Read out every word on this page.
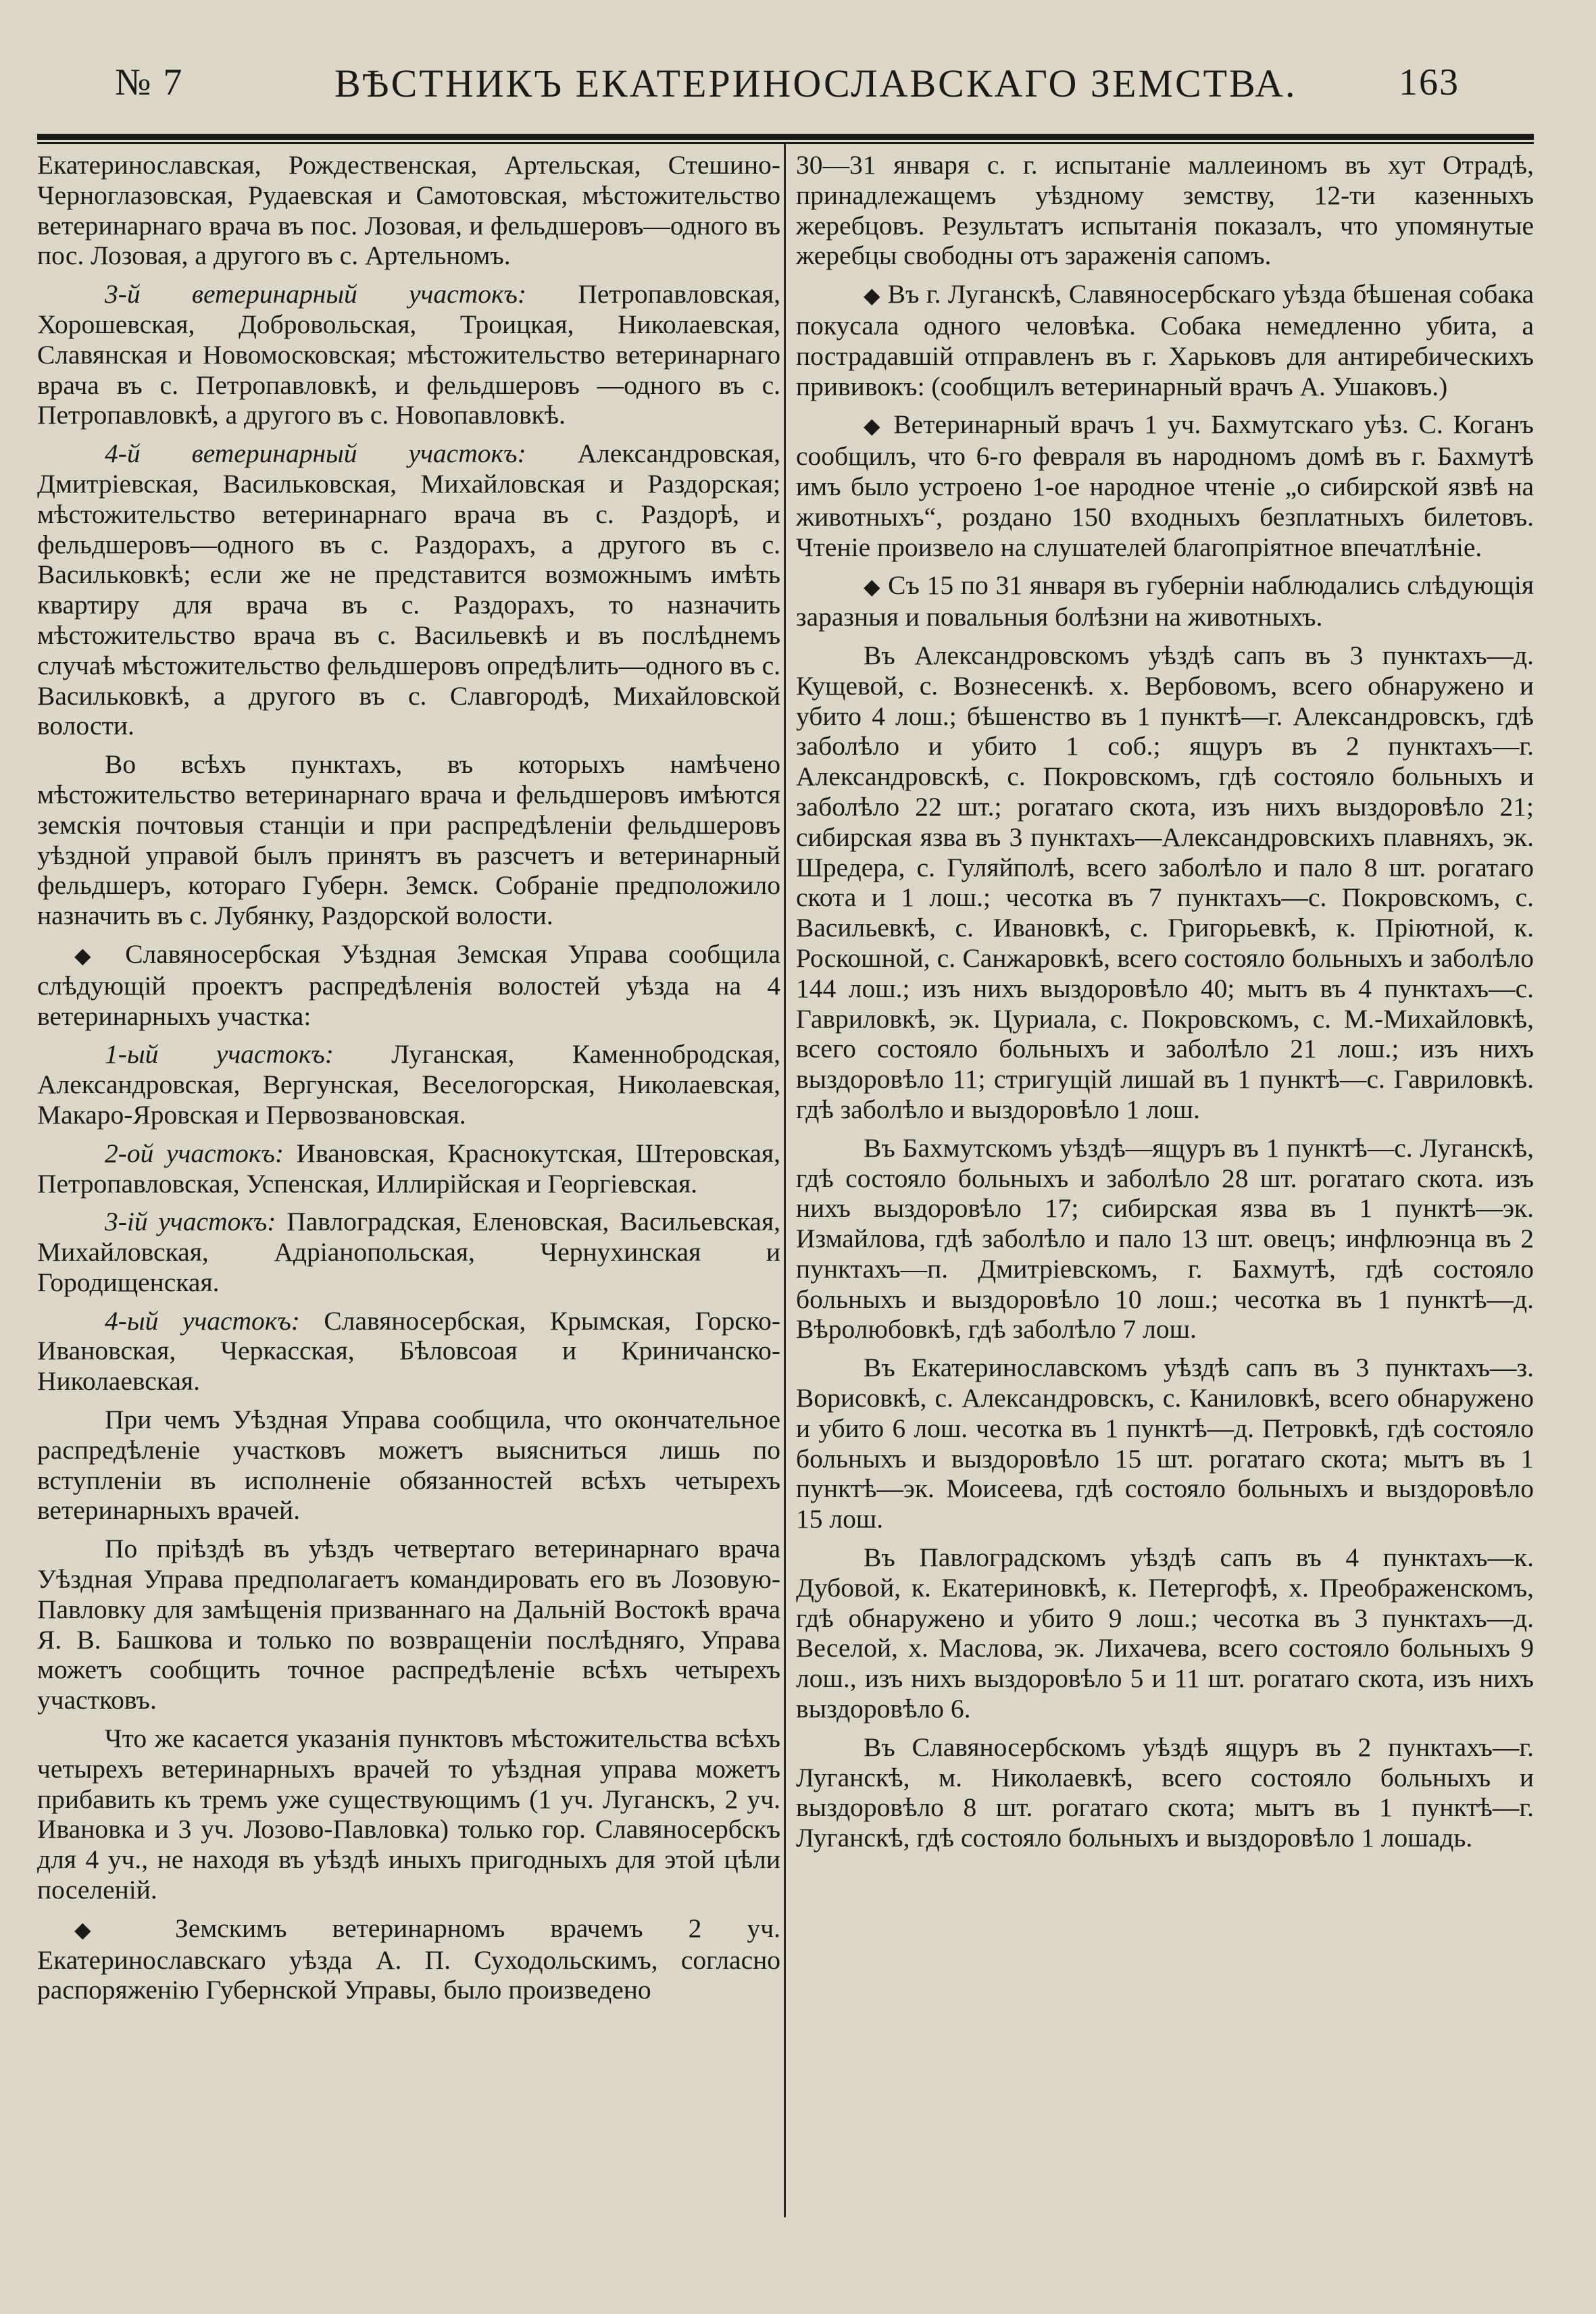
№ 7	ВѢСТНИКЪ ЕКАТЕРИНОСЛАВСКАГО ЗЕМСТВА.	163

Екатеринославская, Рождественская, Артельская, Стешино-Черноглазовская, Рудаевская и Самотовская, мѣстожительство ветеринарнаго врача въ пос. Лозовая, и фельдшеровъ—одного въ пос. Лозовая, а другого въ с. Артельномъ.

3-й ветеринарный участокъ: Петропавловская, Хорошевская, Добровольская, Троицкая, Николаевская, Славянская и Новомосковская; мѣстожительство ветеринарнаго врача въ с. Петропавловкѣ, и фельдшеровъ —одного въ с. Петропавловкѣ, а другого въ с. Новопавловкѣ.

4-й ветеринарный участокъ: Александровская, Дмитріевская, Васильковская, Михайловская и Раздорская; мѣстожительство ветеринарнаго врача въ с. Раздорѣ, и фельдшеровъ—одного въ с. Раздорахъ, а другого въ с. Васильковкѣ; если же не представится возможнымъ имѣть квартиру для врача въ с. Раздорахъ, то назначить мѣстожительство врача въ с. Васильевкѣ и въ послѣднемъ случаѣ мѣстожительство фельдшеровъ опредѣлить—одного въ с. Васильковкѣ, а другого въ с. Славгородѣ, Михайловской волости.

Во всѣхъ пунктахъ, въ которыхъ намѣчено мѣстожительство ветеринарнаго врача и фельдшеровъ имѣются земскія почтовыя станціи и при распредѣленіи фельдшеровъ уѣздной управой былъ принятъ въ разсчетъ и ветеринарный фельдшеръ, котораго Губерн. Земск. Собраніе предположило назначить въ с. Лубянку, Раздорской волости.

◆ Славяносербская Уѣздная Земская Управа сообщила слѣдующій проектъ распредѣленія волостей уѣзда на 4 ветеринарныхъ участка:

1-ый участокъ: Луганская, Каменнобродская, Александровская, Вергунская, Веселогорская, Николаевская, Макаро-Яровская и Первозвановская.

2-ой участокъ: Ивановская, Краснокутская, Штеровская, Петропавловская, Успенская, Иллирійская и Георгіевская.

3-ій участокъ: Павлоградская, Еленовская, Васильевская, Михайловская, Адріанопольская, Чернухинская и Городищенская.

4-ый участокъ: Славяносербская, Крымская, Горско-Ивановская, Черкасская, Бѣловсоая и Криничанско-Николаевская.

При чемъ Уѣздная Управа сообщила, что окончательное распредѣленіе участковъ можетъ выясниться лишь по вступленіи въ исполненіе обязанностей всѣхъ четырехъ ветеринарныхъ врачей.

По пріѣздѣ въ уѣздъ четвертаго ветеринарнаго врача Уѣздная Управа предполагаетъ командировать его въ Лозовую-Павловку для замѣщенія призваннаго на Дальній Востокѣ врача Я. В. Башкова и только по возвращеніи послѣдняго, Управа можетъ сообщить точное распредѣленіе всѣхъ четырехъ участковъ.

Что же касается указанія пунктовъ мѣстожительства всѣхъ четырехъ ветеринарныхъ врачей то уѣздная управа можетъ прибавить къ тремъ уже существующимъ (1 уч. Луганскъ, 2 уч. Ивановка и 3 уч. Лозово-Павловка) только гор. Славяносербскъ для 4 уч., не находя въ уѣздѣ иныхъ пригодныхъ для этой цѣли поселеній.

◆ Земскимъ ветеринарномъ врачемъ 2 уч. Екатеринославскаго уѣзда А. П. Суходольскимъ, согласно распоряженію Губернской Управы, было произведено

30—31 января с. г. испытаніе маллеиномъ въ хут Отрадѣ, принадлежащемъ уѣздному земству, 12-ти казенныхъ жеребцовъ. Результатъ испытанія показалъ, что упомянутые жеребцы свободны отъ зараженія сапомъ.

◆ Въ г. Луганскѣ, Славяносербскаго уѣзда бѣшеная собака покусала одного человѣка. Собака немедленно убита, а пострадавшій отправленъ въ г. Харьковъ для антиребическихъ прививокъ: (сообщилъ ветеринарный врачъ А. Ушаковъ.)

◆ Ветеринарный врачъ 1 уч. Бахмутскаго уѣз. С. Коганъ сообщилъ, что 6-го февраля въ народномъ домѣ въ г. Бахмутѣ имъ было устроено 1-ое народное чтеніе „о сибирской язвѣ на животныхъ“, роздано 150 входныхъ безплатныхъ билетовъ. Чтеніе произвело на слушателей благопріятное впечатлѣніе.

◆ Съ 15 по 31 января въ губерніи наблюдались слѣдующія заразныя и повальныя болѣзни на животныхъ.

Въ Александровскомъ уѣздѣ сапъ въ 3 пунктахъ—д. Кущевой, с. Вознесенкѣ. х. Вербовомъ, всего обнаружено и убито 4 лош.; бѣшенство въ 1 пунктѣ—г. Александровскъ, гдѣ заболѣло и убито 1 соб.; ящуръ въ 2 пунктахъ—г. Александровскѣ, с. Покровскомъ, гдѣ состояло больныхъ и заболѣло 22 шт.; рогатаго скота, изъ нихъ выздоровѣло 21; сибирская язва въ 3 пунктахъ—Александровскихъ плавняхъ, эк. Шредера, с. Гуляйполѣ, всего заболѣло и пало 8 шт. рогатаго скота и 1 лош.; чесотка въ 7 пунктахъ—с. Покровскомъ, с. Васильевкѣ, с. Ивановкѣ, с. Григорьевкѣ, к. Пріютной, к. Роскошной, с. Санжаровкѣ, всего состояло больныхъ и заболѣло 144 лош.; изъ нихъ выздоровѣло 40; мытъ въ 4 пунктахъ—с. Гавриловкѣ, эк. Цуриала, с. Покровскомъ, с. М.-Михайловкѣ, всего состояло больныхъ и заболѣло 21 лош.; изъ нихъ выздоровѣло 11; стригущій лишай въ 1 пунктѣ—с. Гавриловкѣ. гдѣ заболѣло и выздоровѣло 1 лош.

Въ Бахмутскомъ уѣздѣ—ящуръ въ 1 пунктѣ—с. Луганскѣ, гдѣ состояло больныхъ и заболѣло 28 шт. рогатаго скота. изъ нихъ выздоровѣло 17; сибирская язва въ 1 пунктѣ—эк. Измайлова, гдѣ заболѣло и пало 13 шт. овецъ; инфлюэнца въ 2 пунктахъ—п. Дмитріевскомъ, г. Бахмутѣ, гдѣ состояло больныхъ и выздоровѣло 10 лош.; чесотка въ 1 пунктѣ—д. Вѣролюбовкѣ, гдѣ заболѣло 7 лош.

Въ Екатеринославскомъ уѣздѣ сапъ въ 3 пунктахъ—з. Ворисовкѣ, с. Александровскъ, с. Каниловкѣ, всего обнаружено и убито 6 лош. чесотка въ 1 пунктѣ—д. Петровкѣ, гдѣ состояло больныхъ и выздоровѣло 15 шт. рогатаго скота; мытъ въ 1 пунктѣ—эк. Моисеева, гдѣ состояло больныхъ и выздоровѣло 15 лош.

Въ Павлоградскомъ уѣздѣ сапъ въ 4 пунктахъ—к. Дубовой, к. Екатериновкѣ, к. Петергофѣ, х. Преображенскомъ, гдѣ обнаружено и убито 9 лош.; чесотка въ 3 пунктахъ—д. Веселой, х. Маслова, эк. Лихачева, всего состояло больныхъ 9 лош., изъ нихъ выздоровѣло 5 и 11 шт. рогатаго скота, изъ нихъ выздоровѣло 6.

Въ Славяносербскомъ уѣздѣ ящуръ въ 2 пунктахъ—г. Луганскѣ, м. Николаевкѣ, всего состояло больныхъ и выздоровѣло 8 шт. рогатаго скота; мытъ въ 1 пунктѣ—г. Луганскѣ, гдѣ состояло больныхъ и выздоровѣло 1 лошадь.
